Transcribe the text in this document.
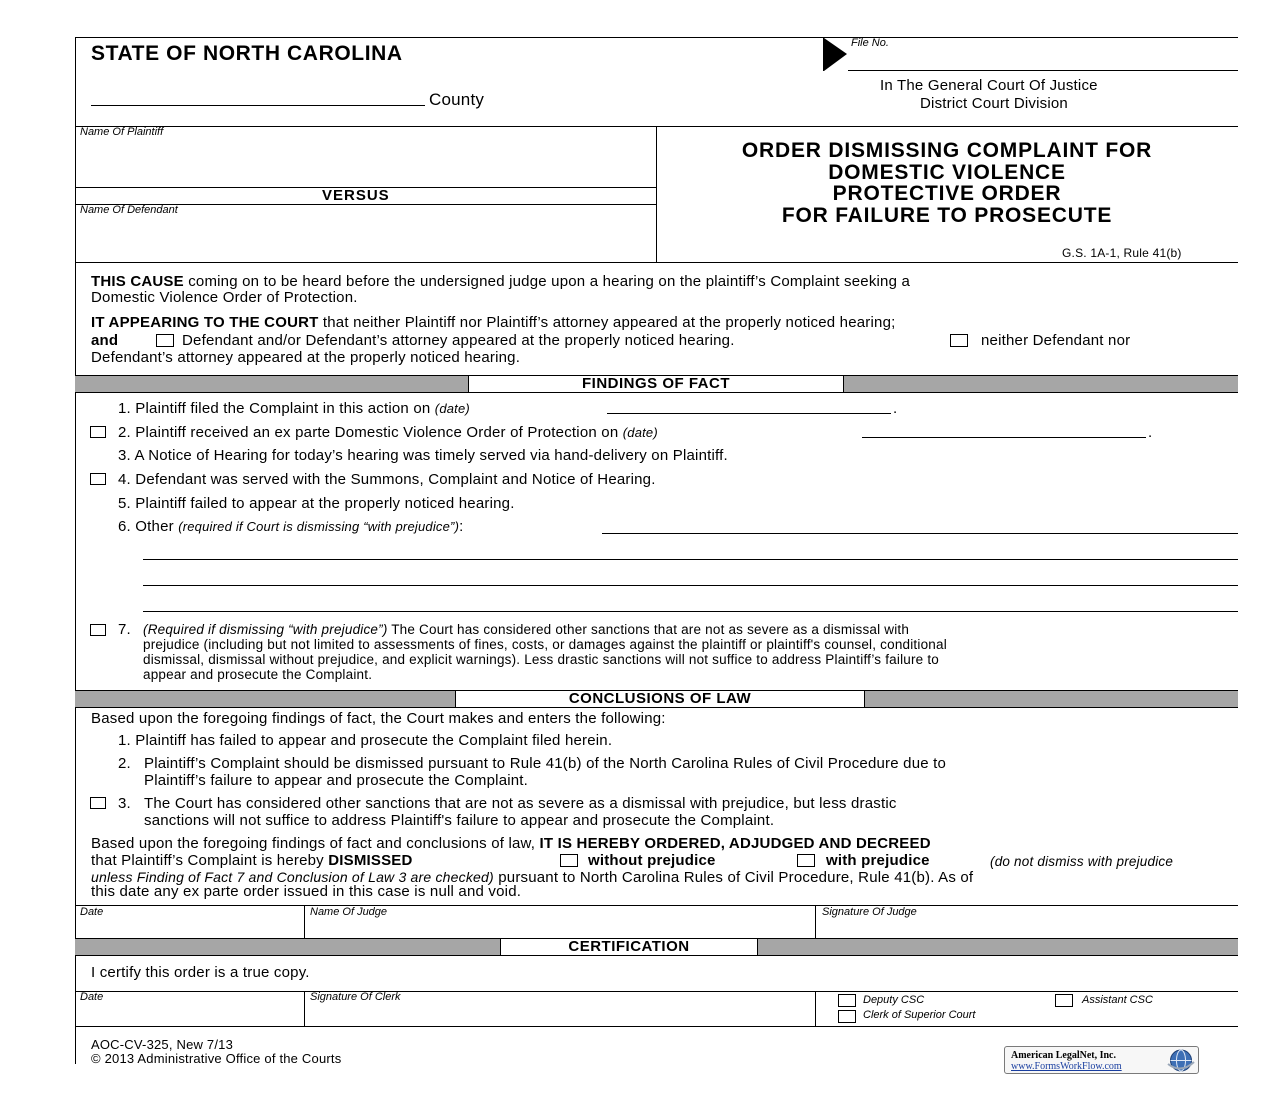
STATE OF NORTH CAROLINA
County
File No.
In The General Court Of Justice
District Court Division
Name Of Plaintiff
VERSUS
Name Of Defendant
ORDER DISMISSING COMPLAINT FOR
DOMESTIC VIOLENCE
PROTECTIVE ORDER
FOR FAILURE TO PROSECUTE
G.S. 1A-1, Rule 41(b)
THIS CAUSE coming on to be heard before the undersigned judge upon a hearing on the plaintiff’s Complaint seeking a
Domestic Violence Order of Protection.
IT APPEARING TO THE COURT that neither Plaintiff nor Plaintiff’s attorney appeared at the properly noticed hearing;
and	Defendant and/or Defendant’s attorney appeared at the properly noticed hearing.	neither Defendant nor
Defendant’s attorney appeared at the properly noticed hearing.
FINDINGS OF FACT
1. Plaintiff filed the Complaint in this action on (date)	.
2. Plaintiff received an ex parte Domestic Violence Order of Protection on (date)	.
3. A Notice of Hearing for today’s hearing was timely served via hand-delivery on Plaintiff.
4. Defendant was served with the Summons, Complaint and Notice of Hearing.
5. Plaintiff failed to appear at the properly noticed hearing.
6. Other (required if Court is dismissing “with prejudice”):
7. (Required if dismissing “with prejudice”) The Court has considered other sanctions that are not as severe as a dismissal with
prejudice (including but not limited to assessments of fines, costs, or damages against the plaintiff or plaintiff's counsel, conditional
dismissal, dismissal without prejudice, and explicit warnings). Less drastic sanctions will not suffice to address Plaintiff’s failure to
appear and prosecute the Complaint.
CONCLUSIONS OF LAW
Based upon the foregoing findings of fact, the Court makes and enters the following:
1. Plaintiff has failed to appear and prosecute the Complaint filed herein.
2. Plaintiff’s Complaint should be dismissed pursuant to Rule 41(b) of the North Carolina Rules of Civil Procedure due to
Plaintiff’s failure to appear and prosecute the Complaint.
3. The Court has considered other sanctions that are not as severe as a dismissal with prejudice, but less drastic
sanctions will not suffice to address Plaintiff's failure to appear and prosecute the Complaint.
Based upon the foregoing findings of fact and conclusions of law, IT IS HEREBY ORDERED, ADJUDGED AND DECREED
that Plaintiff’s Complaint is hereby DISMISSED	without prejudice	with prejudice	(do not dismiss with prejudice
unless Finding of Fact 7 and Conclusion of Law 3 are checked) pursuant to North Carolina Rules of Civil Procedure, Rule 41(b). As of
this date any ex parte order issued in this case is null and void.
Date	Name Of Judge	Signature Of Judge
CERTIFICATION
I certify this order is a true copy.
Date	Signature Of Clerk	Deputy CSC	Assistant CSC
Clerk of Superior Court
AOC-CV-325, New 7/13
© 2013 Administrative Office of the Courts	American LegalNet, Inc.
www.FormsWorkFlow.com
